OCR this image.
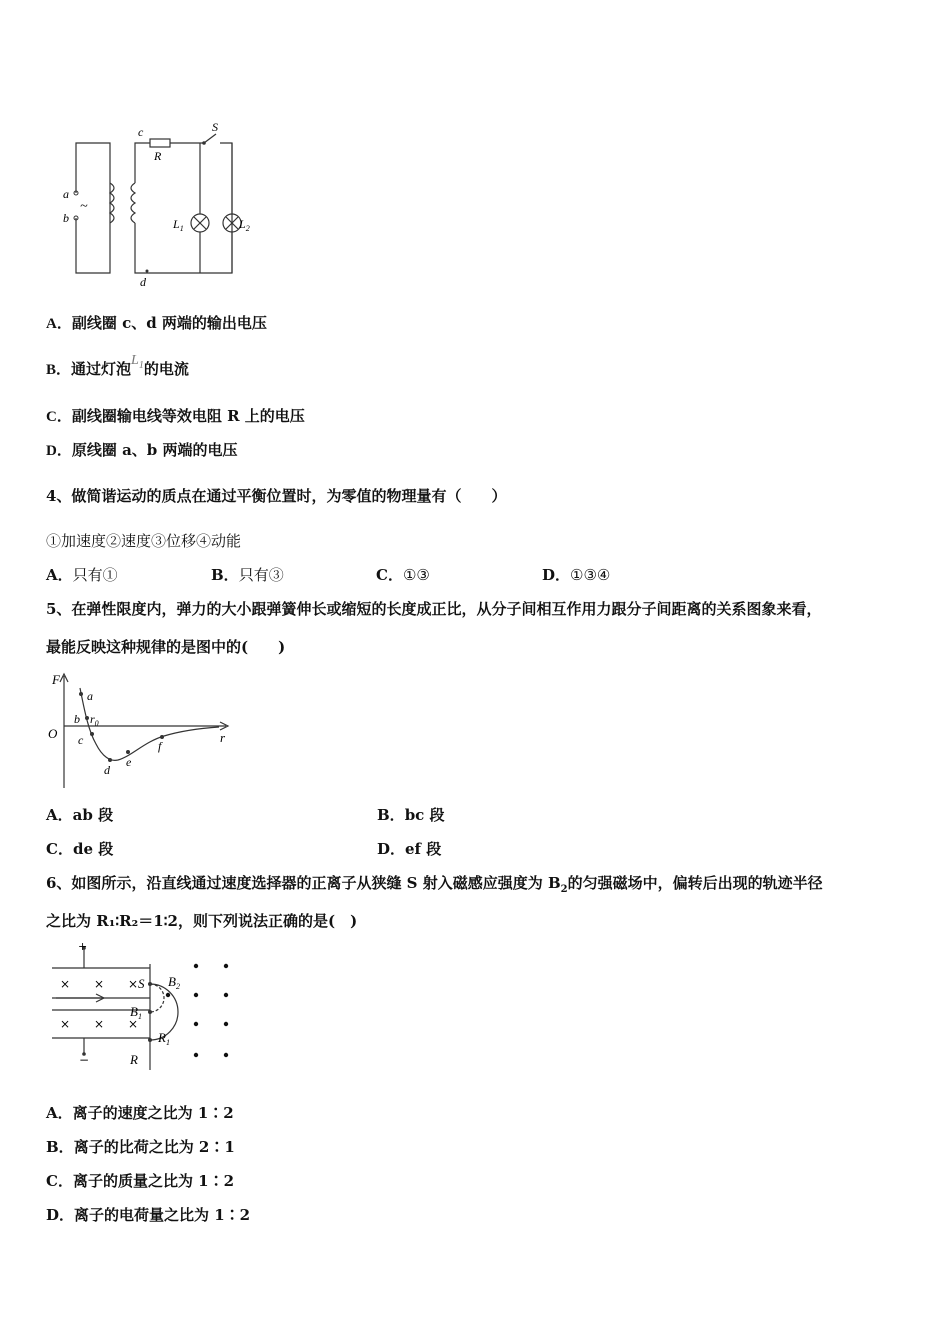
a
b
~
c
R
S
d
$L_1$	$L_2$
A．副线圈 c、d 两端的输出电压
B．通过灯泡$L_1$的电流
C．副线圈输电线等效电阻 R 上的电压
D．原线圈 a、b 两端的电压
4、做简谐运动的质点在通过平衡位置时，为零值的物理量有（　　）
①加速度②速度③位移④动能
A．只有①	B．只有③	C．①③	D．①③④
5、在弹性限度内，弹力的大小跟弹簧伸长或缩短的长度成正比，从分子间相互作用力跟分子间距离的关系图象来看，
最能反映这种规律的是图中的(　　)
F
O	r
a
b $r_0$
c
d
e
f
A．ab 段	B．bc 段
C．de 段	D．ef 段
6、如图所示，沿直线通过速度选择器的正离子从狭缝 S 射入磁感应强度为 $B_2$的匀强磁场中，偏转后出现的轨迹半径
之比为 R₁∶R₂＝1∶2，则下列说法正确的是(　)
+
−
× × ×
× × ×
S $B_2$
$B_1$
$R_1$
R
A．离子的速度之比为 1∶2
B．离子的比荷之比为 2∶1
C．离子的质量之比为 1∶2
D．离子的电荷量之比为 1∶2
